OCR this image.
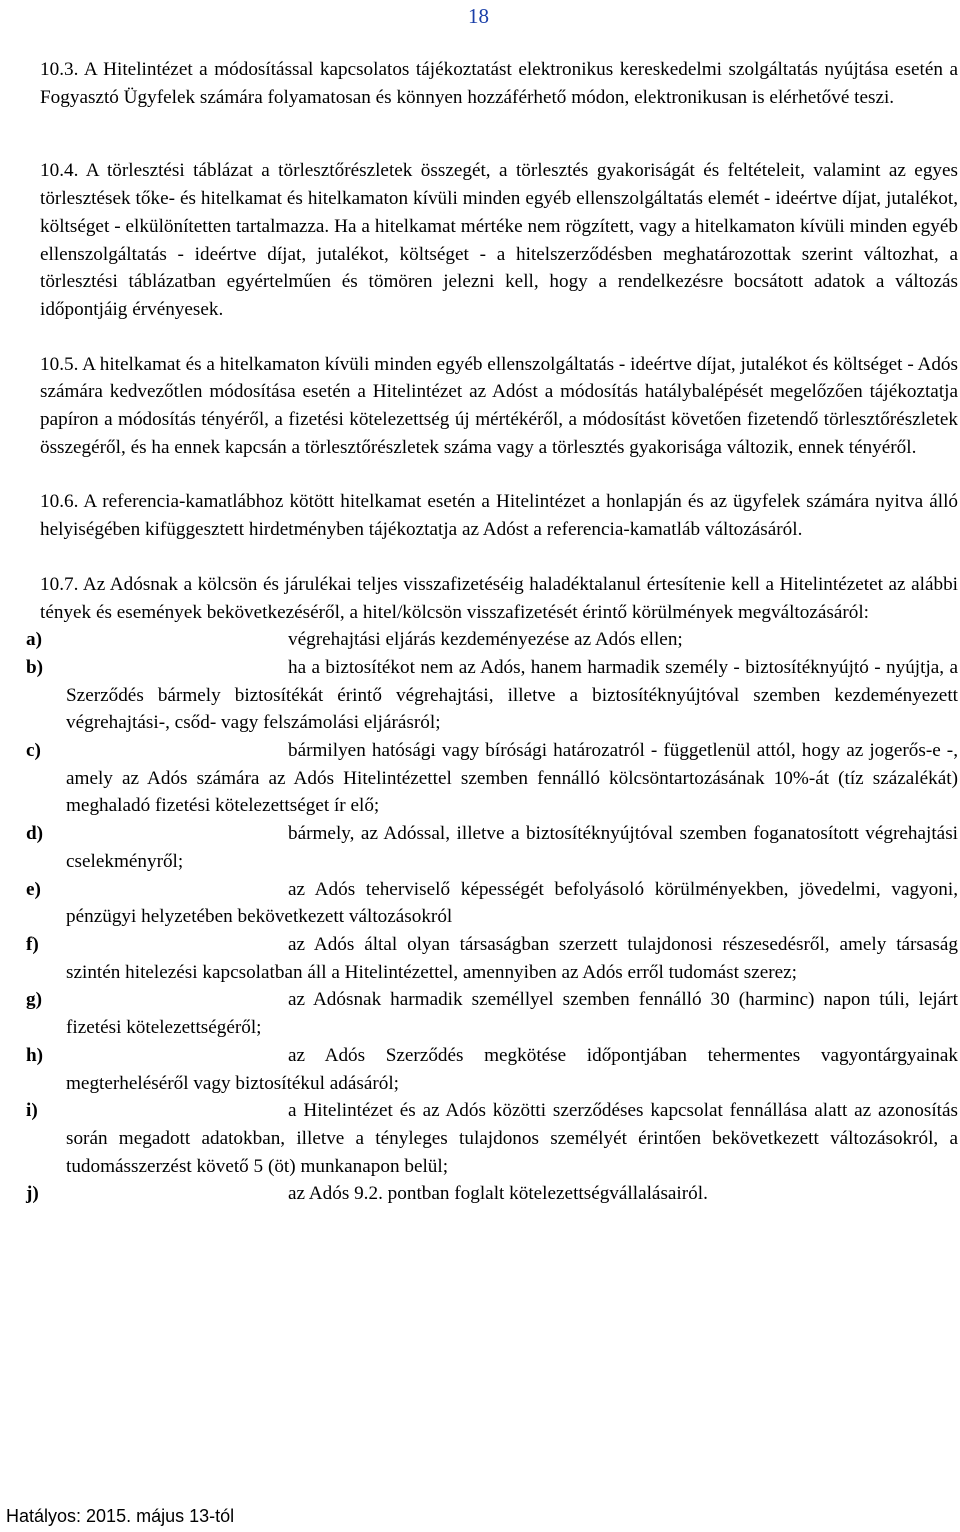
18

10.3. A Hitelintézet a módosítással kapcsolatos tájékoztatást elektronikus kereskedelmi szolgáltatás nyújtása esetén a Fogyasztó Ügyfelek számára folyamatosan és könnyen hozzáférhető módon, elektronikusan is elérhetővé teszi.

10.4. A törlesztési táblázat a törlesztőrészletek összegét, a törlesztés gyakoriságát és feltételeit, valamint az egyes törlesztések tőke- és hitelkamat és hitelkamaton kívüli minden egyéb ellenszolgáltatás elemét - ideértve díjat, jutalékot, költséget - elkülönítetten tartalmazza. Ha a hitelkamat mértéke nem rögzített, vagy a hitelkamaton kívüli minden egyéb ellenszolgáltatás - ideértve díjat, jutalékot, költséget - a hitelszerződésben meghatározottak szerint változhat, a törlesztési táblázatban egyértelműen és tömören jelezni kell, hogy a rendelkezésre bocsátott adatok a változás időpontjáig érvényesek.

10.5. A hitelkamat és a hitelkamaton kívüli minden egyéb ellenszolgáltatás - ideértve díjat, jutalékot és költséget - Adós számára kedvezőtlen módosítása esetén a Hitelintézet az Adóst a módosítás hatálybalépését megelőzően tájékoztatja papíron a módosítás tényéről, a fizetési kötelezettség új mértékéről, a módosítást követően fizetendő törlesztőrészletek összegéről, és ha ennek kapcsán a törlesztőrészletek száma vagy a törlesztés gyakorisága változik, ennek tényéről.

10.6. A referencia-kamatlábhoz kötött hitelkamat esetén a Hitelintézet a honlapján és az ügyfelek számára nyitva álló helyiségében kifüggesztett hirdetményben tájékoztatja az Adóst a referencia-kamatláb változásáról.

10.7. Az Adósnak a kölcsön és járulékai teljes visszafizetéséig haladéktalanul értesítenie kell a Hitelintézetet az alábbi tények és események bekövetkezéséről, a hitel/kölcsön visszafizetését érintő körülmények megváltozásáról:

a)	végrehajtási eljárás kezdeményezése az Adós ellen;
b)	ha a biztosítékot nem az Adós, hanem harmadik személy - biztosítéknyújtó - nyújtja, a Szerződés bármely biztosítékát érintő végrehajtási, illetve a biztosítéknyújtóval szemben kezdeményezett végrehajtási-, csőd- vagy felszámolási eljárásról;
c)	bármilyen hatósági vagy bírósági határozatról - függetlenül attól, hogy az jogerős-e -, amely az Adós számára az Adós Hitelintézettel szemben fennálló kölcsöntartozásának 10%-át (tíz százalékát) meghaladó fizetési kötelezettséget ír elő;
d)	bármely, az Adóssal, illetve a biztosítéknyújtóval szemben foganatosított végrehajtási cselekményről;
e)	az Adós teherviselő képességét befolyásoló körülményekben, jövedelmi, vagyoni, pénzügyi helyzetében bekövetkezett változásokról
f)	az Adós által olyan társaságban szerzett tulajdonosi részesedésről, amely társaság szintén hitelezési kapcsolatban áll a Hitelintézettel, amennyiben az Adós erről tudomást szerez;
g)	az Adósnak harmadik személlyel szemben fennálló 30 (harminc) napon túli, lejárt fizetési kötelezettségéről;
h)	az Adós Szerződés megkötése időpontjában tehermentes vagyontárgyainak megterheléséről vagy biztosítékul adásáról;
i)	a Hitelintézet és az Adós közötti szerződéses kapcsolat fennállása alatt az azonosítás során megadott adatokban, illetve a tényleges tulajdonos személyét érintően bekövetkezett változásokról, a tudomásszerzést követő 5 (öt) munkanapon belül;
j)	az Adós 9.2. pontban foglalt kötelezettségvállalásairól.
Hatályos: 2015. május 13-tól
